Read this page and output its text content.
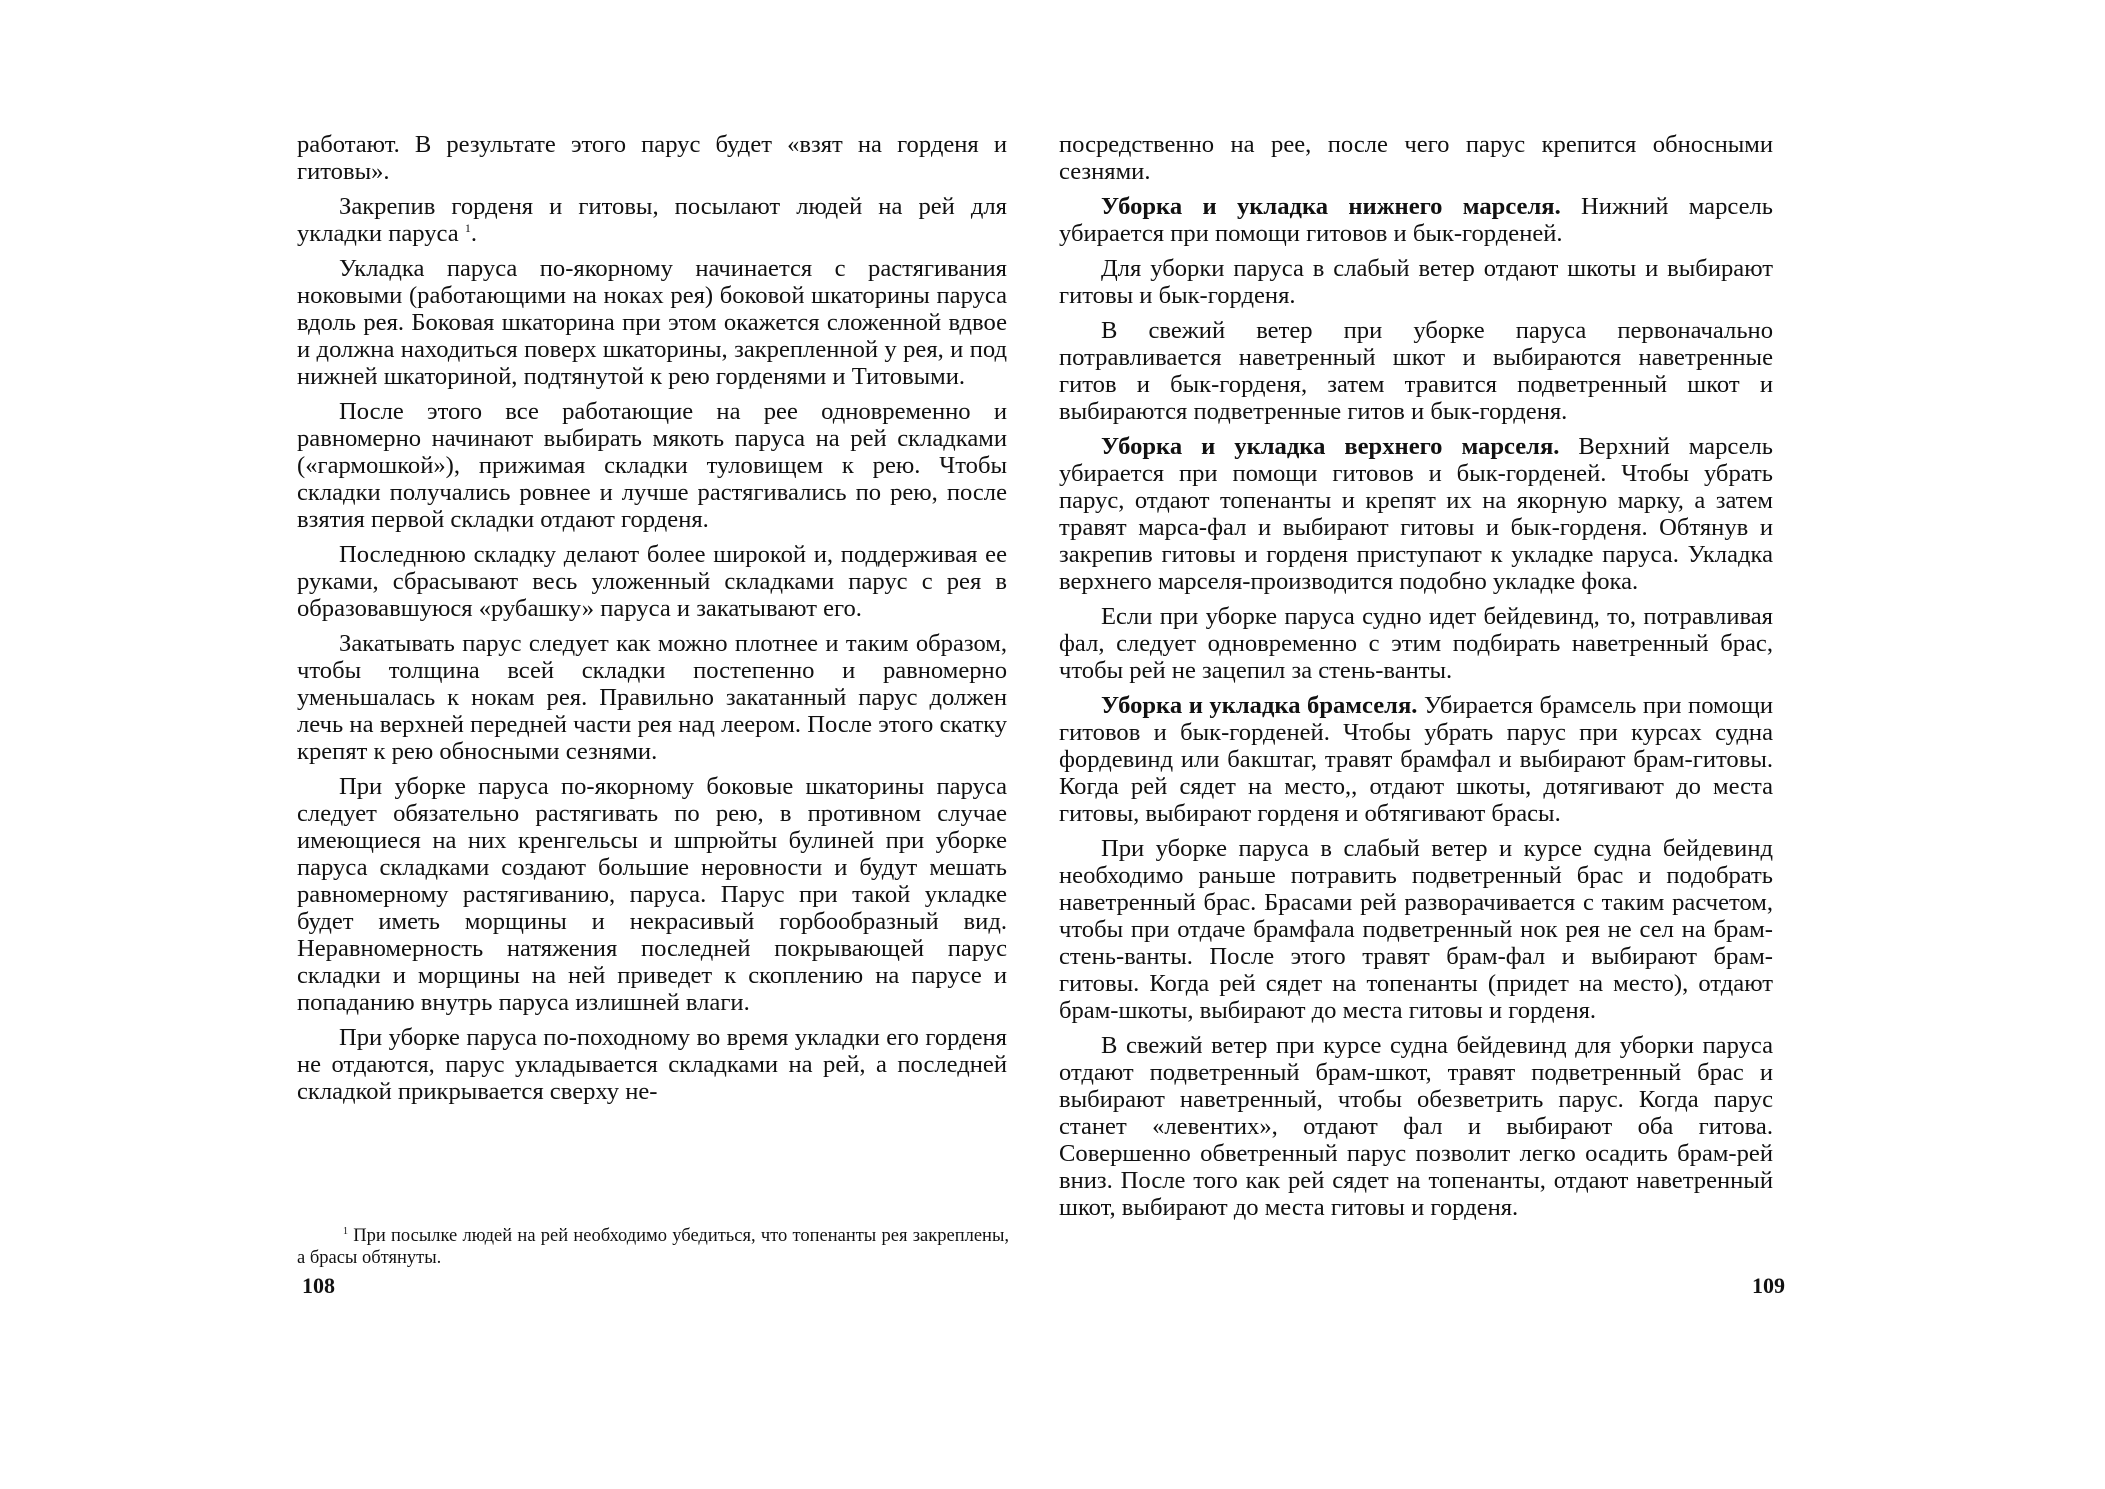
работают. В результате этого парус будет «взят на горденя и гитовы».

Закрепив горденя и гитовы, посылают людей на рей для укладки паруса $^1$.

Укладка паруса по-якорному начинается с растягивания ноковыми (работающими на ноках рея) боковой шкаторины паруса вдоль рея. Боковая шкаторина при этом окажется сложенной вдвое и должна находиться поверх шкаторины, закрепленной у рея, и под нижней шкаториной, подтянутой к рею горденями и Титовыми.

После этого все работающие на рее одновременно и равномерно начинают выбирать мякоть паруса на рей складками («гармошкой»), прижимая складки туловищем к рею. Чтобы складки получались ровнее и лучше растягивались по рею, после взятия первой складки отдают горденя.

Последнюю складку делают более широкой и, поддерживая ее руками, сбрасывают весь уложенный складками парус с рея в образовавшуюся «рубашку» паруса и закатывают его.

Закатывать парус следует как можно плотнее и таким образом, чтобы толщина всей складки постепенно и равномерно уменьшалась к нокам рея. Правильно закатанный парус должен лечь на верхней передней части рея над леером. После этого скатку крепят к рею обносными сезнями.

При уборке паруса по-якорному боковые шкаторины паруса следует обязательно растягивать по рею, в противном случае имеющиеся на них кренгельсы и шпрюйты булиней при уборке паруса складками создают большие неровности и будут мешать равномерному растягиванию, паруса. Парус при такой укладке будет иметь морщины и некрасивый горбообразный вид. Неравномерность натяжения последней покрывающей парус складки и морщины на ней приведет к скоплению на парусе и попаданию внутрь паруса излишней влаги.

При уборке паруса по-походному во время укладки его горденя не отдаются, парус укладывается складками на рей, а последней складкой прикрывается сверху не-

$^1$ При посылке людей на рей необходимо убедиться, что топенанты рея закреплены, а брасы обтянуты.
108

посредственно на рее, после чего парус крепится обносными сезнями.

Уборка и укладка нижнего марселя. Нижний марсель убирается при помощи гитовов и бык-горденей.

Для уборки паруса в слабый ветер отдают шкоты и выбирают гитовы и бык-горденя.

В свежий ветер при уборке паруса первоначально потравливается наветренный шкот и выбираются наветренные гитов и бык-горденя, затем травится подветренный шкот и выбираются подветренные гитов и бык-горденя.

Уборка и укладка верхнего марселя. Верхний марсель убирается при помощи гитовов и бык-горденей. Чтобы убрать парус, отдают топенанты и крепят их на якорную марку, а затем травят марса-фал и выбирают гитовы и бык-горденя. Обтянув и закрепив гитовы и горденя приступают к укладке паруса. Укладка верхнего марселя-производится подобно укладке фока.

Если при уборке паруса судно идет бейдевинд, то, потравливая фал, следует одновременно с этим подбирать наветренный брас, чтобы рей не зацепил за стень-ванты.

Уборка и укладка брамселя. Убирается брамсель при помощи гитовов и бык-горденей. Чтобы убрать парус при курсах судна фордевинд или бакштаг, травят брамфал и выбирают брам-гитовы. Когда рей сядет на место,, отдают шкоты, дотягивают до места гитовы, выбирают горденя и обтягивают брасы.

При уборке паруса в слабый ветер и курсе судна бейдевинд необходимо раньше потравить подветренный брас и подобрать наветренный брас. Брасами рей разворачивается с таким расчетом, чтобы при отдаче брамфала подветренный нок рея не сел на брам-стень-ванты. После этого травят брам-фал и выбирают брам-гитовы. Когда рей сядет на топенанты (придет на место), отдают брам-шкоты, выбирают до места гитовы и горденя.

В свежий ветер при курсе судна бейдевинд для уборки паруса отдают подветренный брам-шкот, травят подветренный брас и выбирают наветренный, чтобы обезветрить парус. Когда парус станет «левентих», отдают фал и выбирают оба гитова. Совершенно обветренный парус позволит легко осадить брам-рей вниз. После того как рей сядет на топенанты, отдают наветренный шкот, выбирают до места гитовы и горденя.

109
